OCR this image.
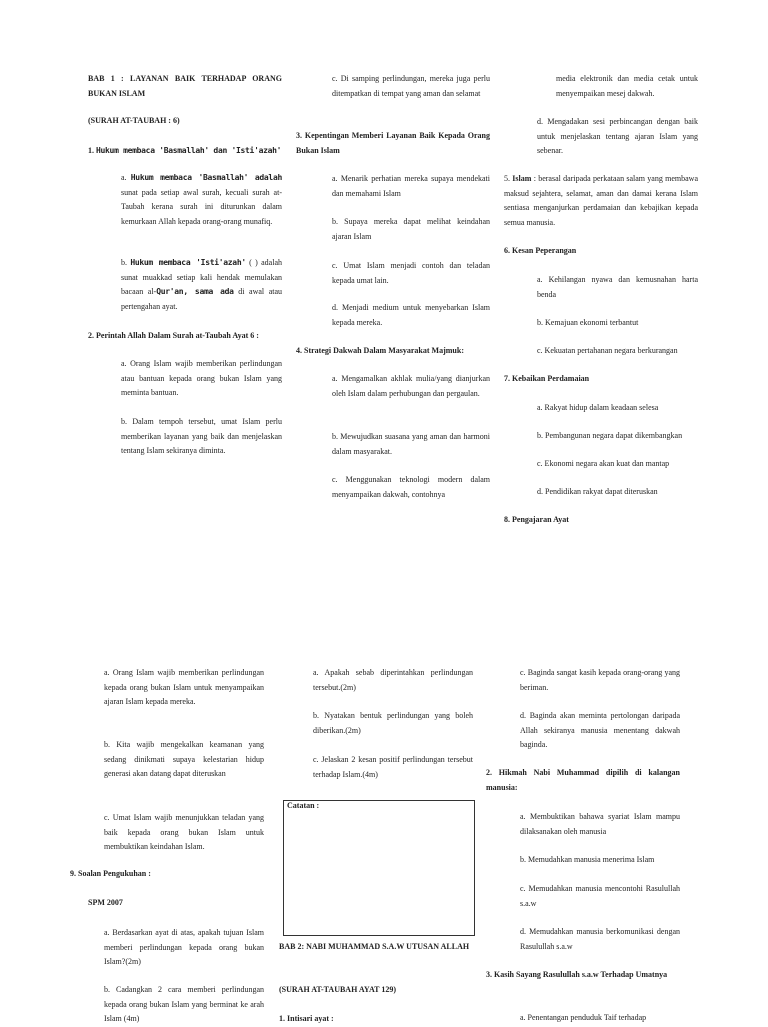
BAB 1 : LAYANAN BAIK TERHADAP ORANG BUKAN ISLAM
(SURAH AT-TAUBAH : 6)
1. Hukum membaca 'Basmallah' dan 'Isti'azah'
a. Hukum membaca 'Basmallah' adalah sunat pada setiap awal surah, kecuali surah at-Taubah kerana surah ini diturunkan dalam kemurkaan Allah kepada orang-orang munafiq.
b. Hukum membaca 'Isti'azah' ( ) adalah sunat muakkad setiap kali hendak memulakan bacaan al-Qur'an, sama ada di awal atau pertengahan ayat.
2. Perintah Allah Dalam Surah at-Taubah Ayat 6 :
a. Orang Islam wajib memberikan perlindungan atau bantuan kepada orang bukan Islam yang meminta bantuan.
b. Dalam tempoh tersebut, umat Islam perlu memberikan layanan yang baik dan menjelaskan tentang Islam sekiranya diminta.
c. Di samping perlindungan, mereka juga perlu ditempatkan di tempat yang aman dan selamat
3. Kepentingan Memberi Layanan Baik Kepada Orang Bukan Islam
a. Menarik perhatian mereka supaya mendekati dan memahami Islam
b. Supaya mereka dapat melihat keindahan ajaran Islam
c. Umat Islam menjadi contoh dan teladan kepada umat lain.
d. Menjadi medium untuk menyebarkan Islam kepada mereka.
4. Strategi Dakwah Dalam Masyarakat Majmuk:
a. Mengamalkan akhlak mulia/yang dianjurkan oleh Islam dalam perhubungan dan pergaulan.
b. Mewujudkan suasana yang aman dan harmoni dalam masyarakat.
c. Menggunakan teknologi modern dalam menyampaikan dakwah, contohnya
media elektronik dan media cetak untuk menyempaikan mesej dakwah.
d. Mengadakan sesi perbincangan dengan baik untuk menjelaskan tentang ajaran Islam yang sebenar.
5. Islam : berasal daripada perkataan salam yang membawa maksud sejahtera, selamat, aman dan damai kerana Islam sentiasa menganjurkan perdamaian dan kebajikan kepada semua manusia.
6. Kesan Peperangan
a. Kehilangan nyawa dan kemusnahan harta benda
b. Kemajuan ekonomi terbantut
c. Kekuatan pertahanan negara berkurangan
7. Kebaikan Perdamaian
a. Rakyat hidup dalam keadaan selesa
b. Pembangunan negara dapat dikembangkan
c. Ekonomi negara akan kuat dan mantap
d. Pendidikan rakyat dapat diteruskan
8. Pengajaran Ayat
a. Orang Islam wajib memberikan perlindungan kepada orang bukan Islam untuk menyampaikan ajaran Islam kepada mereka.
b. Kita wajib mengekalkan keamanan yang sedang dinikmati supaya kelestarian hidup generasi akan datang dapat diteruskan
c. Umat Islam wajib menunjukkan teladan yang baik kepada orang bukan Islam untuk membuktikan keindahan Islam.
9. Soalan Pengukuhan :
SPM 2007
a. Berdasarkan ayat di atas, apakah tujuan Islam memberi perlindungan kepada orang bukan Islam?(2m)
b. Cadangkan 2 cara memberi perlindungan kepada orang bukan Islam yang berminat ke arah Islam (4m)
a. Apakah sebab diperintahkan perlindungan tersebut.(2m)
b. Nyatakan bentuk perlindungan yang boleh diberikan.(2m)
c. Jelaskan 2 kesan positif perlindungan tersebut terhadap Islam.(4m)
Catatan :
BAB 2: NABI MUHAMMAD S.A.W UTUSAN ALLAH
(SURAH AT-TAUBAH AYAT 129)
1. Intisari ayat :
c. Baginda sangat kasih kepada orang-orang yang beriman.
d. Baginda akan meminta pertolongan daripada Allah sekiranya manusia menentang dakwah baginda.
2. Hikmah Nabi Muhammad dipilih di kalangan manusia:
a. Membuktikan bahawa syariat Islam mampu dilaksanakan oleh manusia
b. Memudahkan manusia menerima Islam
c. Memudahkan manusia mencontohi Rasulullah s.a.w
d. Memudahkan manusia berkomunikasi dengan Rasulullah s.a.w
3. Kasih Sayang Rasulullah s.a.w Terhadap Umatnya
a. Penentangan penduduk Taif terhadap
